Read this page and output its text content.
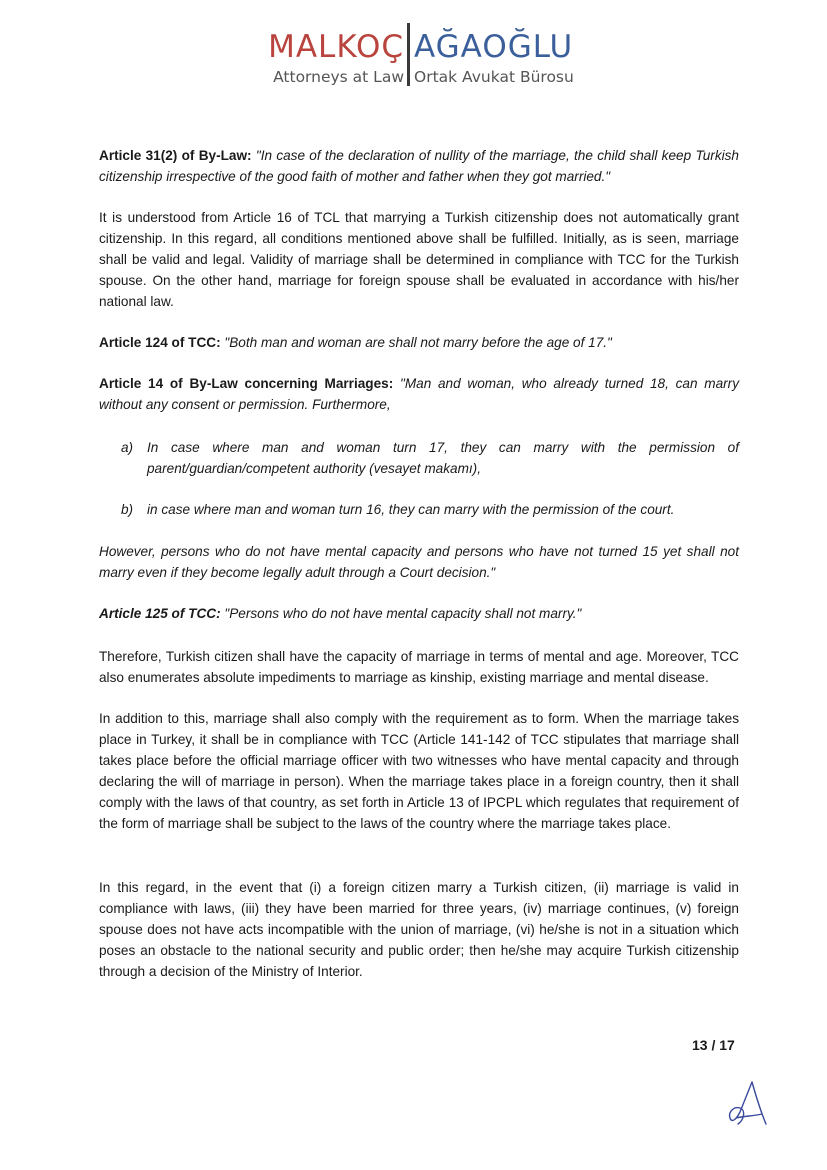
MALKOÇ
Attorneys at Law
AĞAOĞLU
Ortak Avukat Bürosu

Article 31(2) of By-Law: "In case of the declaration of nullity of the marriage, the child shall keep Turkish citizenship irrespective of the good faith of mother and father when they got married."

It is understood from Article 16 of TCL that marrying a Turkish citizenship does not automatically grant citizenship. In this regard, all conditions mentioned above shall be fulfilled. Initially, as is seen, marriage shall be valid and legal. Validity of marriage shall be determined in compliance with TCC for the Turkish spouse. On the other hand, marriage for foreign spouse shall be evaluated in accordance with his/her national law.

Article 124 of TCC: "Both man and woman are shall not marry before the age of 17."

Article 14 of By-Law concerning Marriages: "Man and woman, who already turned 18, can marry without any consent or permission. Furthermore,

a) In case where man and woman turn 17, they can marry with the permission of parent/guardian/competent authority (vesayet makamı),
b) in case where man and woman turn 16, they can marry with the permission of the court.

However, persons who do not have mental capacity and persons who have not turned 15 yet shall not marry even if they become legally adult through a Court decision."

Article 125 of TCC: "Persons who do not have mental capacity shall not marry."

Therefore, Turkish citizen shall have the capacity of marriage in terms of mental and age. Moreover, TCC also enumerates absolute impediments to marriage as kinship, existing marriage and mental disease.

In addition to this, marriage shall also comply with the requirement as to form. When the marriage takes place in Turkey, it shall be in compliance with TCC (Article 141-142 of TCC stipulates that marriage shall takes place before the official marriage officer with two witnesses who have mental capacity and through declaring the will of marriage in person). When the marriage takes place in a foreign country, then it shall comply with the laws of that country, as set forth in Article 13 of IPCPL which regulates that requirement of the form of marriage shall be subject to the laws of the country where the marriage takes place.

In this regard, in the event that (i) a foreign citizen marry a Turkish citizen, (ii) marriage is valid in compliance with laws, (iii) they have been married for three years, (iv) marriage continues, (v) foreign spouse does not have acts incompatible with the union of marriage, (vi) he/she is not in a situation which poses an obstacle to the national security and public order; then he/she may acquire Turkish citizenship through a decision of the Ministry of Interior.

13 / 17
